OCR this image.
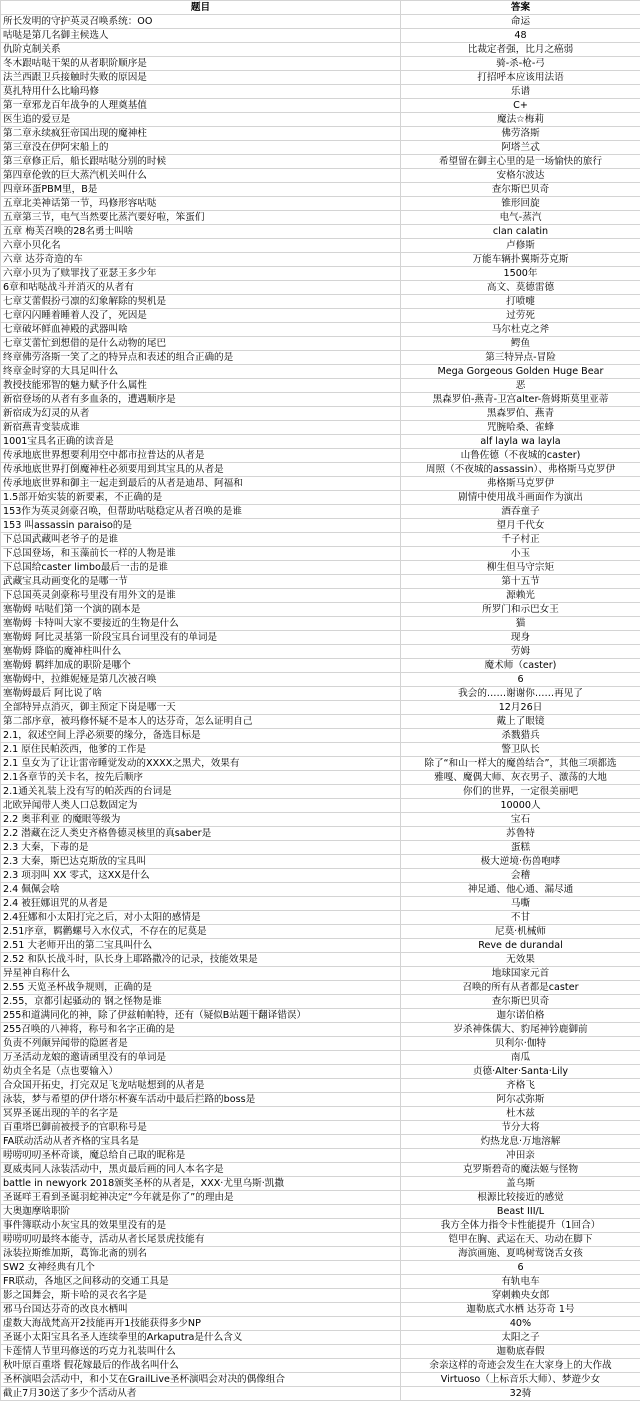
题目	答案
所长发明的守护英灵召唤系统：OO	命运
咕哒是第几名御主候选人	48
仇阶克制关系	比裁定者强，比月之癌弱
冬木跟咕哒干架的从者职阶顺序是	骑-杀-枪-弓
法兰西跟卫兵接触时失败的原因是	打招呼本应该用法语
莫扎特用什么比喻玛修	乐谱
第一章邪龙百年战争的人理奠基值	C+
医生追的爱豆是	魔法☆梅莉
第二章永续疯狂帝国出现的魔神柱	佛劳洛斯
第三章没在伊阿宋船上的	阿塔兰忒
第三章修正后，船长跟咕哒分别的时候	希望留在御主心里的是一场愉快的旅行
第四章伦敦的巨大蒸汽机关叫什么	安格尔波达
四章环蛋PBM里，B是	查尔斯巴贝奇
五章北美神话第一节，玛修形容咕哒	锥形回旋
五章第三节，电气当然要比蒸汽要好啦，笨蛋们	电气-蒸汽
五章 梅芙召唤的28名勇士叫啥	clan calatin
六章小贝化名	卢修斯
六章 达芬奇造的车	万能车辆扑翼斯芬克斯
六章小贝为了赎罪找了亚瑟王多少年	1500年
6章和咕哒战斗并消灭的从者有	高文、莫德雷德
七章艾蕾假扮弓凛的幻象解除的契机是	打喷嚏
七章闪闪睡着睡着人没了，死因是	过劳死
七章破坏鲜血神殿的武器叫啥	马尔杜克之斧
七章艾蕾忙到想借的是什么动物的尾巴	鳄鱼
终章佛劳洛斯一笑了之的特异点和表述的组合正确的是	第三特异点-冒险
终章金时穿的大具足叫什么	Mega Gorgeous Golden Huge Bear
教授技能邪智的魅力赋予什么属性	恶
新宿登场的从者有多血条的，遭遇顺序是	黑森罗伯-燕青-卫宫alter-詹姆斯莫里亚蒂
新宿成为幻灵的从者	黑森罗伯、燕青
新宿燕青变装成谁	咒腕哈桑、雀蜂
1001宝具名正确的读音是	alf layla wa layla
传承地底世界想要利用空中都市拉普达的从者是	山鲁佐德（不夜城的caster)
传承地底世界打倒魔神柱必须要用到其宝具的从者是	周照（不夜城的assassin）、弗格斯马克罗伊
传承地底世界和御主一起走到最后的从者是迪昂、阿福和	弗格斯马克罗伊
1.5部开始实装的新要素，不正确的是	剧情中使用战斗画面作为演出
153作为英灵剑豪召唤，但帮助咕哒稳定从者召唤的是谁	酒吞童子
153 叫assassin paraiso的是	望月千代女
下总国武藏叫老爷子的是谁	千子村正
下总国登场，和玉藻前长一样的人物是谁	小玉
下总国给caster limbo最后一击的是谁	柳生但马守宗矩
武藏宝具动画变化的是哪一节	第十五节
下总国英灵剑豪称号里没有用外文的是谁	源赖光
塞勒姆 咕哒们第一个演的剧本是	所罗门和示巴女王
塞勒姆 卡特叫大家不要接近的生物是什么	猫
塞勒姆 阿比灵基第一阶段宝具台词里没有的单词是	现身
塞勒姆 降临的魔神柱叫什么	劳姆
塞勒姆 羁绊加成的职阶是哪个	魔术师（caster)
塞勒姆中，拉維妮娅是第几次被召唤	6
塞勒姆最后 阿比说了啥	我会的……谢谢你……再见了
全部特异点消灭，御主预定下岗是哪一天	12月26日
第二部序章，被玛修怀疑不是本人的达芬奇，怎么证明自己	戴上了眼镜
2.1，叙述空间上浮必须要的缘分，备选目标是	杀戮猎兵
2.1 原住民帕茨西，他爹的工作是	警卫队长
2.1 皇女为了让让雷帝睡觉发动的XXXX之黑犬，效果有	除了“和山一样大的魔兽结合”，其他三项都选
2.1各章节的关卡名，按先后顺序	雅嘎、魔偶大师、灰衣男子、激荡的大地
2.1通关礼装上没有写的帕茨西的台词是	你们的世界，一定很美丽吧
北欧异闻带人类人口总数固定为	10000人
2.2 奥菲利亚 的魔眼等级为	宝石
2.2 潜藏在泛人类史齐格鲁德灵核里的真saber是	苏鲁特
2.3 大秦，下毒的是	蛋糕
2.3 大秦，斯巴达克斯放的宝具叫	极大逆境·伤兽咆哮
2.3 项羽叫 XX 零式，这XX是什么	会稽
2.4 佩佩会啥	神足通、他心通、漏尽通
2.4 被狂娜诅咒的从者是	马嘶
2.4狂娜和小太阳打完之后，对小太阳的感情是	不甘
2.51序章，羁鹳螺号入水仪式，不存在的尼莫是	尼莫·机械师
2.51 大老师开出的第二宝具叫什么	Reve de durandal
2.52 和队长战斗时，队长身上耶路撒冷的记录，技能效果是	无效果
异星神自称什么	地球国家元首
2.55 天览圣杯战争规则，正确的是	召唤的所有从者都是caster
2.55，京都引起骚动的 钢之怪物是谁	查尔斯巴贝奇
255和道满同化的神，除了伊兹帕帕特，还有（疑似B站题干翻译错误）	迦尔诺伯格
255召唤的八神将，称号和名字正确的是	岁杀神侏儒大、豹尾神钤鹿御前
负责不列颠异闻带的隐匿者是	贝利尔·伽特
万圣活动龙娘的邀请函里没有的单词是	南瓜
幼贞全名是（点也要输入）	贞德·Alter·Santa·Lily
合众国开拓史，打完双足飞龙咕哒想到的从者是	齐格飞
泳装，梦与希望的伊什塔尔杯赛车活动中最后拦路的boss是	阿尔忒弥斯
冥界圣诞出现的羊的名字是	杜木兹
百重塔巴御前被授予的官职称号是	节分大将
FA联动活动从者齐格的宝具名是	灼热龙息·万地溶解
唠唠叨叨圣杯奇谈，魔总给自己取的昵称是	冲田亲
夏威夷同人泳装活动中，黑贞最后画的同人本名字是	克罗斯碧奇的魔法姬与怪物
battle in newyork 2018颁奖圣杯的从者是，XXX·尤里乌斯·凯撒	盖乌斯
圣诞咩王看到圣诞羽蛇神决定“今年就是你了”的理由是	根源比较接近的感觉
大奥迦摩啥职阶	Beast III/L
事件簿联动小灰宝具的效果里没有的是	我方全体力指令卡性能提升（1回合）
唠唠叨叨最终本能寺，活动从者长尾景虎技能有	铠甲在胸、武运在天、功动在脚下
泳装拉斯维加斯，葛饰北斋的别名	海滨画施、夏鸣树莺饶舌女孩
SW2 女神经典有几个	6
FR联动，各地区之间移动的交通工具是	有轨电车
影之国舞会，斯卡哈的灵衣名字是	穿刺赖央女郎
邪马台国达芬奇的改良水栖叫	迦勒底式水栖 达芬奇 1号
虚数大海战梵高开2技能再开1技能获得多少NP	40%
圣诞小太阳宝具名圣人连续拳里的Arkaputra是什么含义	太阳之子
卡莲情人节里玛修送的巧克力礼装叫什么	迦勒底春假
秋叶原百重塔 假花嫁最后的作战名叫什么	余亲这样的奇迹会发生在大家身上的大作战
圣杯演唱会活动中，和小艾在GrailLive圣杯演唱会对决的偶像组合	Virtuoso（上标音乐大师）、梦遊少女
截止7月30送了多少个活动从者	32骑
